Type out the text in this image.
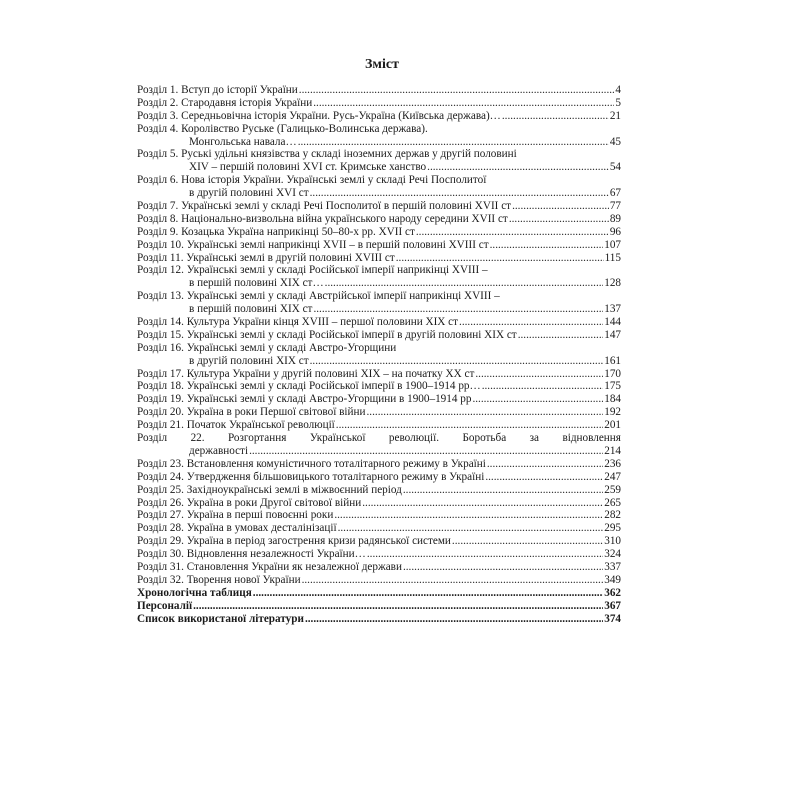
Зміст
Розділ 1. Вступ до історії України .....	4
Розділ 2. Стародавня історія України .....	5
Розділ 3. Середньовічна історія України. Русь-Україна (Київська держава)… .....	21
Розділ 4. Королівство Руське (Галицько-Волинська держава).
Монгольська навала… .....	45
Розділ 5. Руські удільні князівства у складі іноземних держав у другій половині
XIV – першій половині XVI ст. Кримське ханство .....	54
Розділ 6. Нова історія України. Українські землі у складі Речі Посполитої
в другій половині XVI ст .....	67
Розділ 7. Українські землі у складі Речі Посполитої в першій половині XVII ст .....	77
Розділ 8. Національно-визвольна війна українського народу середини XVII ст .....	89
Розділ 9. Козацька Україна наприкінці 50–80-х рр. XVII ст .....	96
Розділ 10. Українські землі наприкінці XVII – в першій половині XVIII ст .....	107
Розділ 11. Українські землі в другій половині XVIII ст .....	115
Розділ 12. Українські землі у складі Російської імперії наприкінці XVIII –
в першій половині XIX ст… .....	128
Розділ 13. Українські землі у складі Австрійської імперії наприкінці XVIII –
в першій половині XIX ст .....	137
Розділ 14. Культура України кінця XVIII – першої половини XIX ст .....	144
Розділ 15. Українські землі у складі Російської імперії в другій половині XIX ст .....	147
Розділ 16. Українські землі у складі Австро-Угорщини
в другій половині XIX ст .....	161
Розділ 17. Культура України у другій половині XIX – на початку XX ст .....	170
Розділ 18. Українські землі у складі Російської імперії в 1900–1914 рр… .....	175
Розділ 19. Українські землі у складі Австро-Угорщини в 1900–1914 рр .....	184
Розділ 20. Україна в роки Першої світової війни .....	192
Розділ 21. Початок Української революції .....	201
Розділ 22. Розгортання Української революції. Боротьба за відновлення
державності .....	214
Розділ 23. Встановлення комуністичного тоталітарного режиму в Україні .....	236
Розділ 24. Утвердження більшовицького тоталітарного режиму в Україні .....	247
Розділ 25. Західноукраїнські землі в міжвоєнний період .....	259
Розділ 26. Україна в роки Другої світової війни .....	265
Розділ 27. Україна в перші повоєнні роки .....	282
Розділ 28. Україна в умовах десталінізації .....	295
Розділ 29. Україна в період загострення кризи радянської системи .....	310
Розділ 30. Відновлення незалежності України… .....	324
Розділ 31. Становлення України як незалежної держави .....	337
Розділ 32. Творення нової України .....	349
Хронологічна таблиця .....	362
Персоналії .....	367
Список використаної літератури .....	374
